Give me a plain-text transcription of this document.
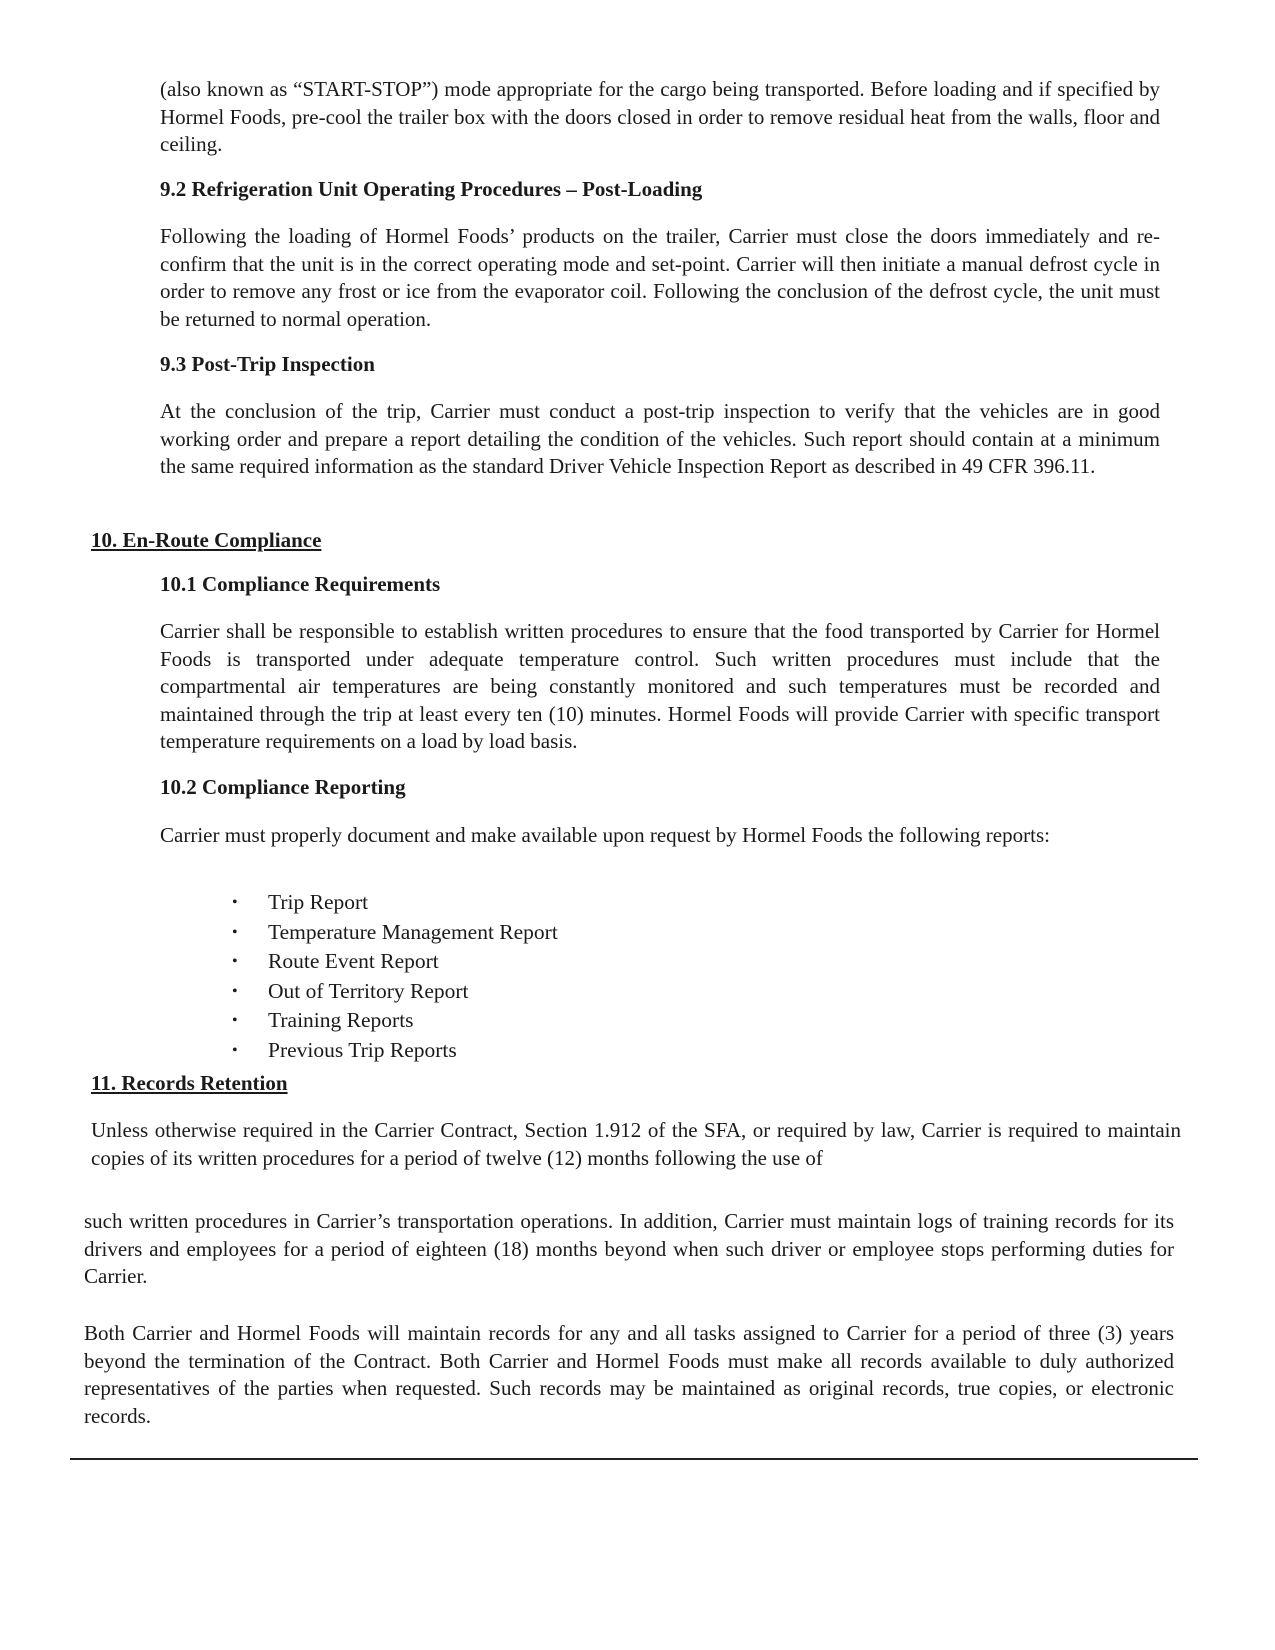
(also known as “START-STOP”) mode appropriate for the cargo being transported. Before loading and if specified by Hormel Foods, pre-cool the trailer box with the doors closed in order to remove residual heat from the walls, floor and ceiling.

9.2 Refrigeration Unit Operating Procedures – Post-Loading

Following the loading of Hormel Foods’ products on the trailer, Carrier must close the doors immediately and re-confirm that the unit is in the correct operating mode and set-point. Carrier will then initiate a manual defrost cycle in order to remove any frost or ice from the evaporator coil. Following the conclusion of the defrost cycle, the unit must be returned to normal operation.

9.3 Post-Trip Inspection

At the conclusion of the trip, Carrier must conduct a post-trip inspection to verify that the vehicles are in good working order and prepare a report detailing the condition of the vehicles. Such report should contain at a minimum the same required information as the standard Driver Vehicle Inspection Report as described in 49 CFR 396.11.

10. En-Route Compliance
10.1 Compliance Requirements

Carrier shall be responsible to establish written procedures to ensure that the food transported by Carrier for Hormel Foods is transported under adequate temperature control. Such written procedures must include that the compartmental air temperatures are being constantly monitored and such temperatures must be recorded and maintained through the trip at least every ten (10) minutes. Hormel Foods will provide Carrier with specific transport temperature requirements on a load by load basis.

10.2 Compliance Reporting

Carrier must properly document and make available upon request by Hormel Foods the following reports:

• Trip Report
• Temperature Management Report
• Route Event Report
• Out of Territory Report
• Training Reports
• Previous Trip Reports
11. Records Retention

Unless otherwise required in the Carrier Contract, Section 1.912 of the SFA, or required by law, Carrier is required to maintain copies of its written procedures for a period of twelve (12) months following the use of

such written procedures in Carrier’s transportation operations. In addition, Carrier must maintain logs of training records for its drivers and employees for a period of eighteen (18) months beyond when such driver or employee stops performing duties for Carrier.

Both Carrier and Hormel Foods will maintain records for any and all tasks assigned to Carrier for a period of three (3) years beyond the termination of the Contract. Both Carrier and Hormel Foods must make all records available to duly authorized representatives of the parties when requested. Such records may be maintained as original records, true copies, or electronic records.
